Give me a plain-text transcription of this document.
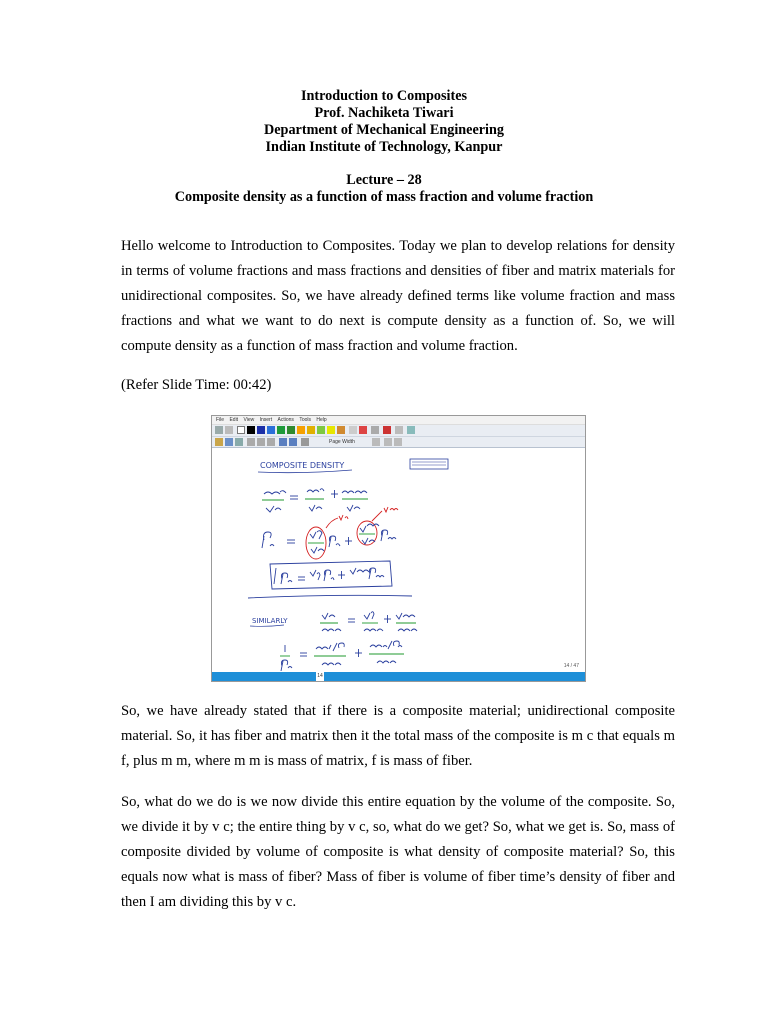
Introduction to Composites
Prof. Nachiketa Tiwari
Department of Mechanical Engineering
Indian Institute of Technology, Kanpur
Lecture – 28
Composite density as a function of mass fraction and volume fraction
Hello welcome to Introduction to Composites. Today we plan to develop relations for density in terms of volume fractions and mass fractions and densities of fiber and matrix materials for unidirectional composites. So, we have already defined terms like volume fraction and mass fractions and what we want to do next is compute density as a function of. So, we will compute density as a function of mass fraction and volume fraction.
(Refer Slide Time: 00:42)
File Edit View Insert Actions Tools Help
Page Width
COMPOSITE DENSITY
SIMILARLY
14 / 47
14
So, we have already stated that if there is a composite material; unidirectional composite material. So, it has fiber and matrix then it the total mass of the composite is m c that equals m f, plus m m, where m m is mass of matrix, f is mass of fiber.
So, what do we do is we now divide this entire equation by the volume of the composite. So, we divide it by v c; the entire thing by v c, so, what do we get? So, what we get is. So, mass of composite divided by volume of composite is what density of composite material? So, this equals now what is mass of fiber? Mass of fiber is volume of fiber time’s density of fiber and then I am dividing this by v c.
